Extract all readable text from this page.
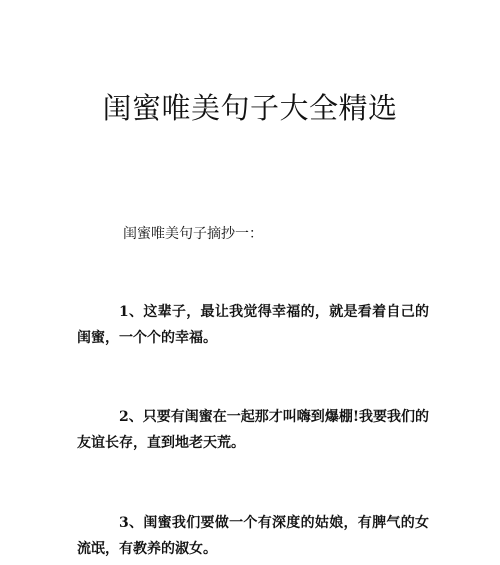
闺蜜唯美句子大全精选

闺蜜唯美句子摘抄一：

1、这辈子，最让我觉得幸福的，就是看着自己的闺蜜，一个个的幸福。

2、只要有闺蜜在一起那才叫嗨到爆棚!我要我们的友谊长存，直到地老天荒。

3、闺蜜我们要做一个有深度的姑娘，有脾气的女流氓，有教养的淑女。
